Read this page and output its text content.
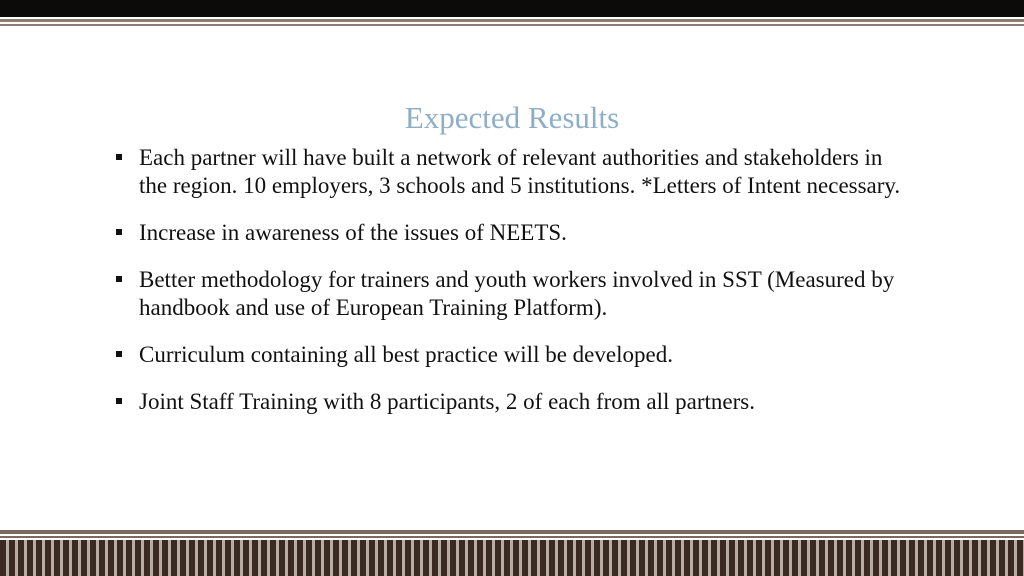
Expected Results
Each partner will have built a network of relevant authorities and stakeholders in the region. 10 employers, 3 schools and 5 institutions. *Letters of Intent necessary.
Increase in awareness of the issues of NEETS.
Better methodology for trainers and youth workers involved in SST (Measured by handbook and use of European Training Platform).
Curriculum containing all best practice will be developed.
Joint Staff Training with 8 participants, 2 of each from all partners.
